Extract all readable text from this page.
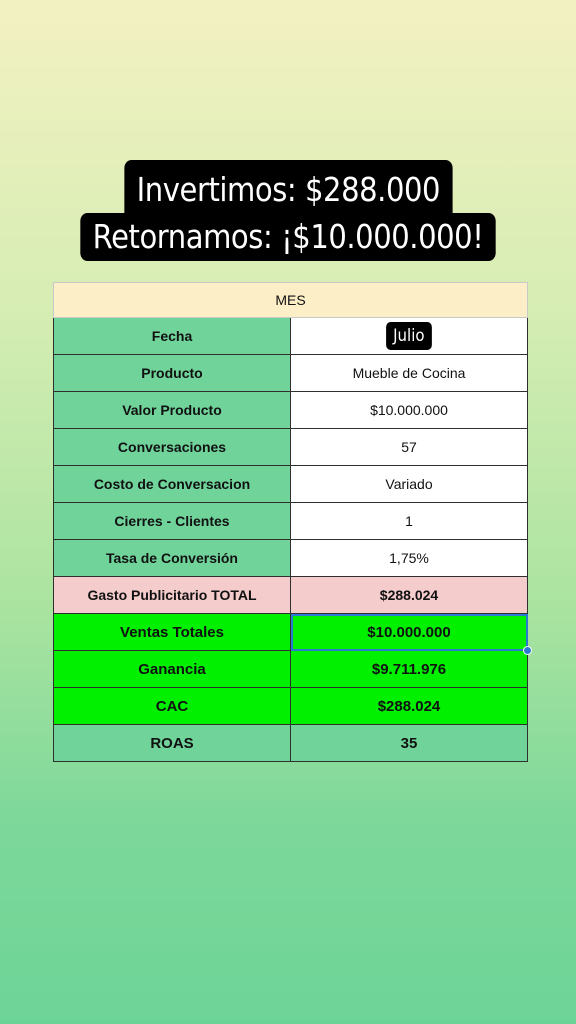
Invertimos: $288.000
Retornamos: ¡$10.000.000!
MES	
Fecha	Julio
Producto	Mueble de Cocina
Valor Producto	$10.000.000
Conversaciones	57
Costo de Conversacion	Variado
Cierres - Clientes	1
Tasa de Conversión	1,75%
Gasto Publicitario TOTAL	$288.024
Ventas Totales	$10.000.000

Ganancia	$9.711.976
CAC	$288.024
ROAS	35
